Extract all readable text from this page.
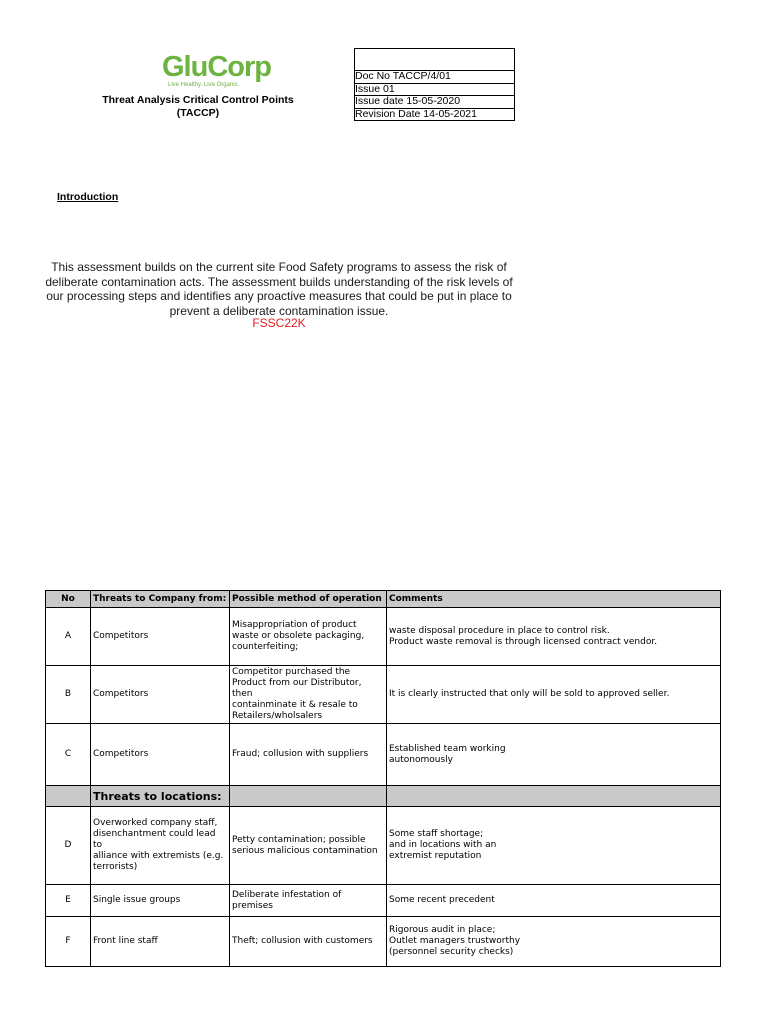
GluCorp
Live Healthy. Live Organic.
Threat Analysis Critical Control Points
(TACCP)
Doc No TACCP/4/01
Issue 01
Issue date 15-05-2020
Revision Date 14-05-2021
Introduction
This assessment builds on the current site Food Safety programs to assess the risk of deliberate contamination acts. The assessment builds understanding of the risk levels of our processing steps and identifies any proactive measures that could be put in place to prevent a deliberate contamination issue.
FSSC22K
No	Threats to Company from:	Possible method of operation	Comments
A	Competitors	Misappropriation of product
waste or obsolete packaging,
counterfeiting;	waste disposal procedure in place to control risk.
Product waste removal is through licensed contract vendor.

B	Competitors	Competitor purchased the
Product from our Distributor, then
containminate it & resale to
Retailers/wholsalers	It is clearly instructed that only will be sold to approved seller.

C	Competitors	Fraud; collusion with suppliers	Established team working
autonomously

	Threats to locations:		
D	Overworked company staff,
disenchantment could lead to
alliance with extremists (e.g.
terrorists)	Petty contamination; possible
serious malicious contamination	Some staff shortage;
and in locations with an
extremist reputation

E	Single issue groups	Deliberate infestation of premises	Some recent precedent

F	Front line staff	Theft; collusion with customers	Rigorous audit in place;
Outlet managers trustworthy
(personnel security checks)
